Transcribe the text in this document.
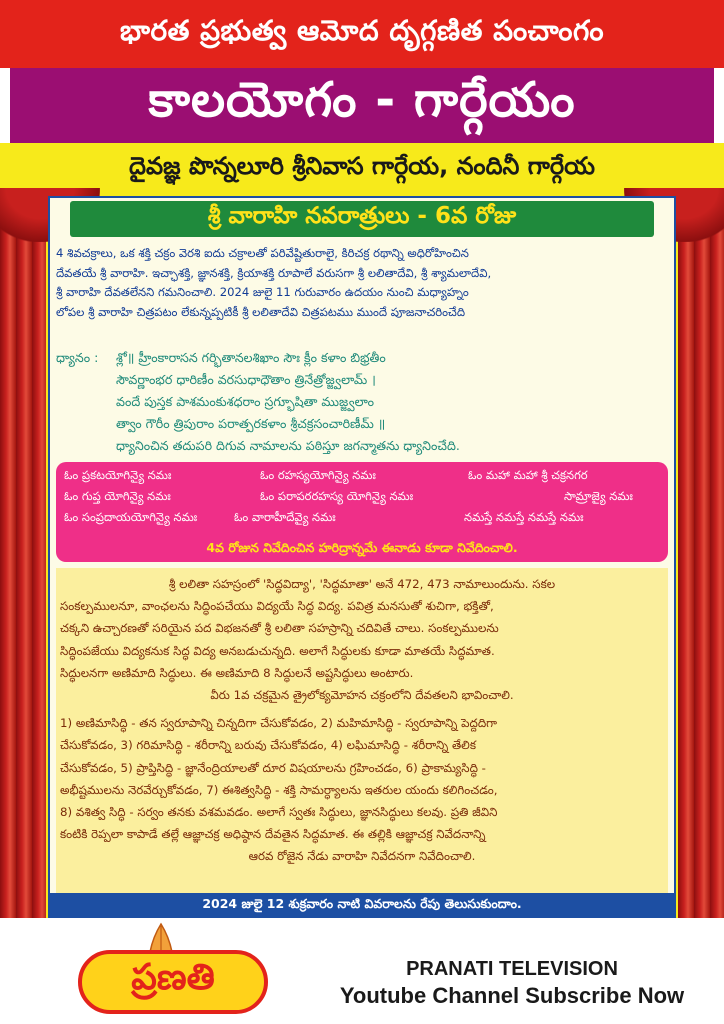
భారత ప్రభుత్వ ఆమోద దృగ్గణిత పంచాంగం
కాలయోగం - గార్గేయం
దైవజ్ఞ పొన్నలూరి శ్రీనివాస గార్గేయ, నందినీ గార్గేయ
శ్రీ వారాహి నవరాత్రులు - 6వ రోజు
4 శివచక్రాలు, ఒక శక్తి చక్రం వెరశి ఐదు చక్రాలతో పరివేష్టితురాలై, కిరిచక్ర రథాన్ని అధిరోహించిన
దేవతయే శ్రీ వారాహి. ఇచ్ఛాశక్తి, జ్ఞానశక్తి, క్రియాశక్తి రూపాలే వరుసగా శ్రీ లలితాదేవి, శ్రీ శ్యామలాదేవి,
శ్రీ వారాహి దేవతలేనని గమనించాలి. 2024 జులై 11 గురువారం ఉదయం నుంచి మధ్యాహ్నం
లోపల శ్రీ వారాహి చిత్రపటం లేకున్నప్పటికీ శ్రీ లలితాదేవి చిత్రపటము ముందే పూజనాచరించేది
ధ్యానం :	శ్లో॥ హ్రీంకారాసన గర్భితానలశిఖాం సౌః క్లీం కళాం బిభ్రతీం
సౌవర్ణాంభర ధారిణీం వరసుధాధౌతాం త్రినేత్రోజ్జ్వలామ్ ।
వందే పుస్తక పాశమంకుశధరాం స్రగ్భూషితా ముజ్జ్వలాం
త్వాం గౌరీం త్రిపురాం పరాత్పరకళాం శ్రీచక్రసంచారిణీమ్ ॥
ధ్యానించిన తదుపరి దిగువ నామాలను పఠిస్తూ జగన్మాతను ధ్యానించేది.
ఓం ప్రకటయోగిన్యై నమః	ఓం రహస్యయోగిన్యై నమః	ఓం మహా మహా శ్రీ చక్రనగర
ఓం గుప్త యోగిన్యై నమః	ఓం పరాపరరహస్య యోగిన్యై నమః	సామ్రాజ్యై నమః
ఓం సంప్రదాయయోగిన్యై నమః	ఓం వారాహీదేవ్యై నమః	నమస్తే నమస్తే నమస్తే నమః
4వ రోజున నివేదించిన హరిద్రాన్నమే ఈనాడు కూడా నివేదించాలి.
శ్రీ లలితా సహస్రంలో 'సిద్ధవిద్యా', 'సిద్ధమాతా' అనే 472, 473 నామాలుందును. సకల
సంకల్పములనూ, వాంఛలను సిద్ధింపచేయు విద్యయే సిద్ధ విద్య. పవిత్ర మనసుతో శుచిగా, భక్తితో,
చక్కని ఉచ్చారణతో సరియైన పద విభజనతో శ్రీ లలితా సహస్రాన్ని చదివితే చాలు. సంకల్పములను
సిద్ధింపజేయు విద్యకనుక సిద్ధ విద్య అనబడుచున్నది. అలాగే సిద్ధులకు కూడా మాతయే సిద్ధమాత.
సిద్ధులనగా అణిమాది సిద్ధులు. ఈ అణిమాది 8 సిద్ధులనే అష్టసిద్ధులు అంటారు.
వీరు 1వ చక్రమైన త్రైలోక్యమోహన చక్రంలోని దేవతలని భావించాలి.
1) అణిమాసిద్ధి - తన స్వరూపాన్ని చిన్నదిగా చేసుకోవడం, 2) మహిమాసిద్ధి - స్వరూపాన్ని పెద్దదిగా
చేసుకోవడం, 3) గరిమాసిద్ధి - శరీరాన్ని బరువు చేసుకోవడం, 4) లఘిమాసిద్ధి - శరీరాన్ని తేలిక
చేసుకోవడం, 5) ప్రాప్తిసిద్ధి - జ్ఞానేంద్రియాలతో దూర విషయాలను గ్రహించడం, 6) ప్రాకామ్యసిద్ధి -
అభీష్టములను నెరవేర్చుకోవడం, 7) ఈశిత్వసిద్ధి - శక్తి సామర్ధ్యాలను ఇతరుల యందు కలిగించడం,
8) వశిత్వ సిద్ధి - సర్వం తనకు వశమవడం. అలాగే స్వతః సిద్ధులు, జ్ఞానసిద్ధులు కలవు. ప్రతి జీవిని
కంటికి రెప్పలా కాపాడే తల్లే ఆజ్ఞాచక్ర అధిష్ఠాన దేవతైన సిద్ధమాత. ఈ తల్లికి ఆజ్ఞాచక్ర నివేదనాన్ని
ఆరవ రోజైన నేడు వారాహి నివేదనగా నివేదించాలి.
2024 జులై 12 శుక్రవారం నాటి వివరాలను రేపు తెలుసుకుందాం.
ప్రణతి	PRANATI TELEVISION
Youtube Channel Subscribe Now
